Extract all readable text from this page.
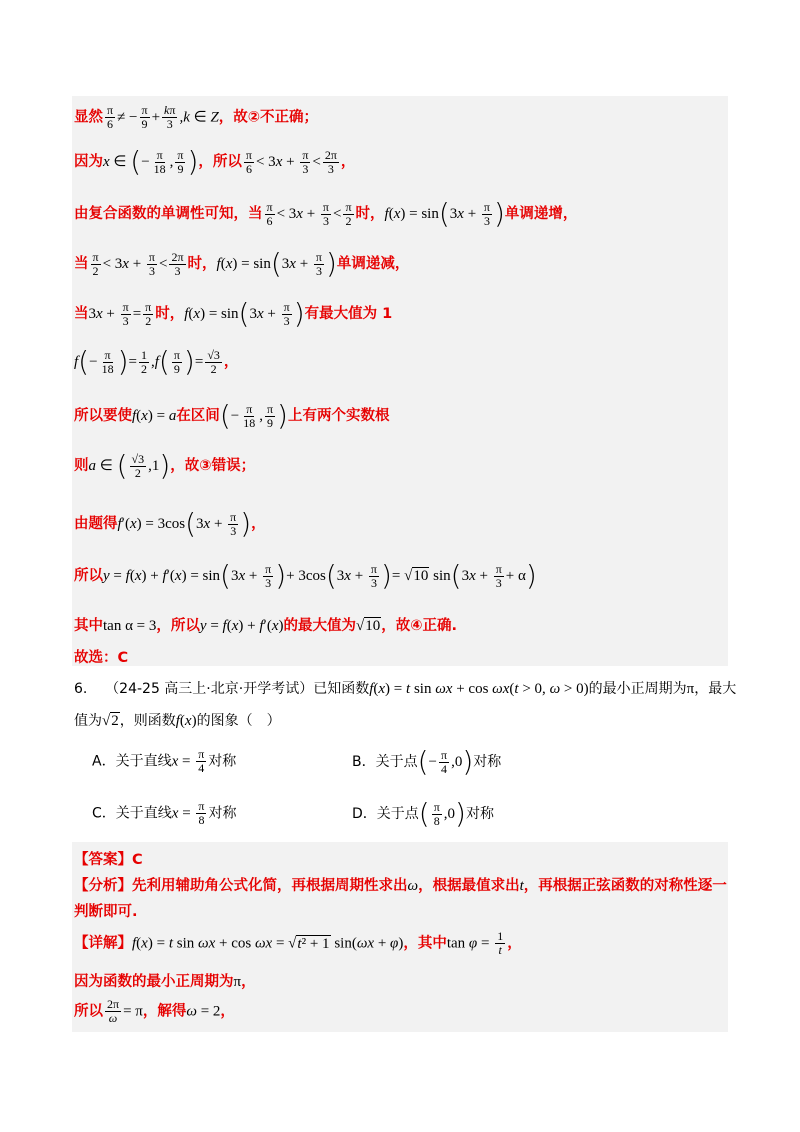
显然 $\frac{\pi}{6}$ ≠ − $\frac{\pi}{9} + \frac{k\pi}{3} ,k$ ∈ Z，故②不正确；
因为x ∈ (− $\frac{\pi}{18}$ , $\frac{\pi}{9}$ )，所以 $\frac{\pi}{6} < 3x + \frac{\pi}{3} < \frac{2\pi}{3}$ ，
由复合函数的单调性可知，当 $\frac{\pi}{6} < 3x + \frac{\pi}{3} < \frac{\pi}{2}$ 时，$f(x) = \sin(3x + \frac{\pi}{3}$ )单调递增，
当 $\frac{\pi}{2} < 3x + \frac{\pi}{3} < \frac{2\pi}{3}$ 时，$f(x) = \sin(3x + \frac{\pi}{3}$ )单调递减，
当$3x + \frac{\pi}{3} = \frac{\pi}{2}$ 时，$f(x) = \sin(3x + \frac{\pi}{3}$ )有最大值为 1
$f(- \frac{\pi}{18}$ )= $\frac{1}{2} ,f( \frac{\pi}{9}$ )= $\frac{√3}{2}$ ，
所以要使f(x) = a在区间(− $\frac{\pi}{18}$ , $\frac{\pi}{9}$ )上有两个实数根
则a ∈ ( $\frac{√3}{2} ,1$)，故③错误；
由题得$f'(x) = 3\cos(3x + \frac{\pi}{3}$ )，
所以$y = f(x) + f'(x) = \sin(3x + \frac{\pi}{3}$ )+ $3\cos(3x + \frac{\pi}{3}$ )= √10 $\sin(3x + \frac{\pi}{3} + \alpha)$
其中tan α = 3，所以y = f(x) + f′(x)的最大值为√10，故④正确.
故选：C
6. （24-25 高三上·北京·开学考试）已知函数f(x) = t sin ωx + cos ωx(t > 0, ω > 0)的最小正周期为π，最大
值为√2，则函数f(x)的图象（　）
A．关于直线$x = \frac{\pi}{4}$ 对称	B．关于点(− $\frac{\pi}{4} ,0$)对称
C．关于直线$x = \frac{\pi}{8}$ 对称	D．关于点( $\frac{\pi}{8} ,0$)对称
【答案】C
【分析】先利用辅助角公式化简，再根据周期性求出ω，根据最值求出t，再根据正弦函数的对称性逐一
判断即可.
【详解】f(x) = t sin ωx + cos ωx = √t² + 1 sin(ωx + φ)，其中$\tan \varphi = \frac{1}{t}$ ，
因为函数的最小正周期为π，
所以 $\frac{2\pi}{\omega} = \pi$，解得ω = 2，
